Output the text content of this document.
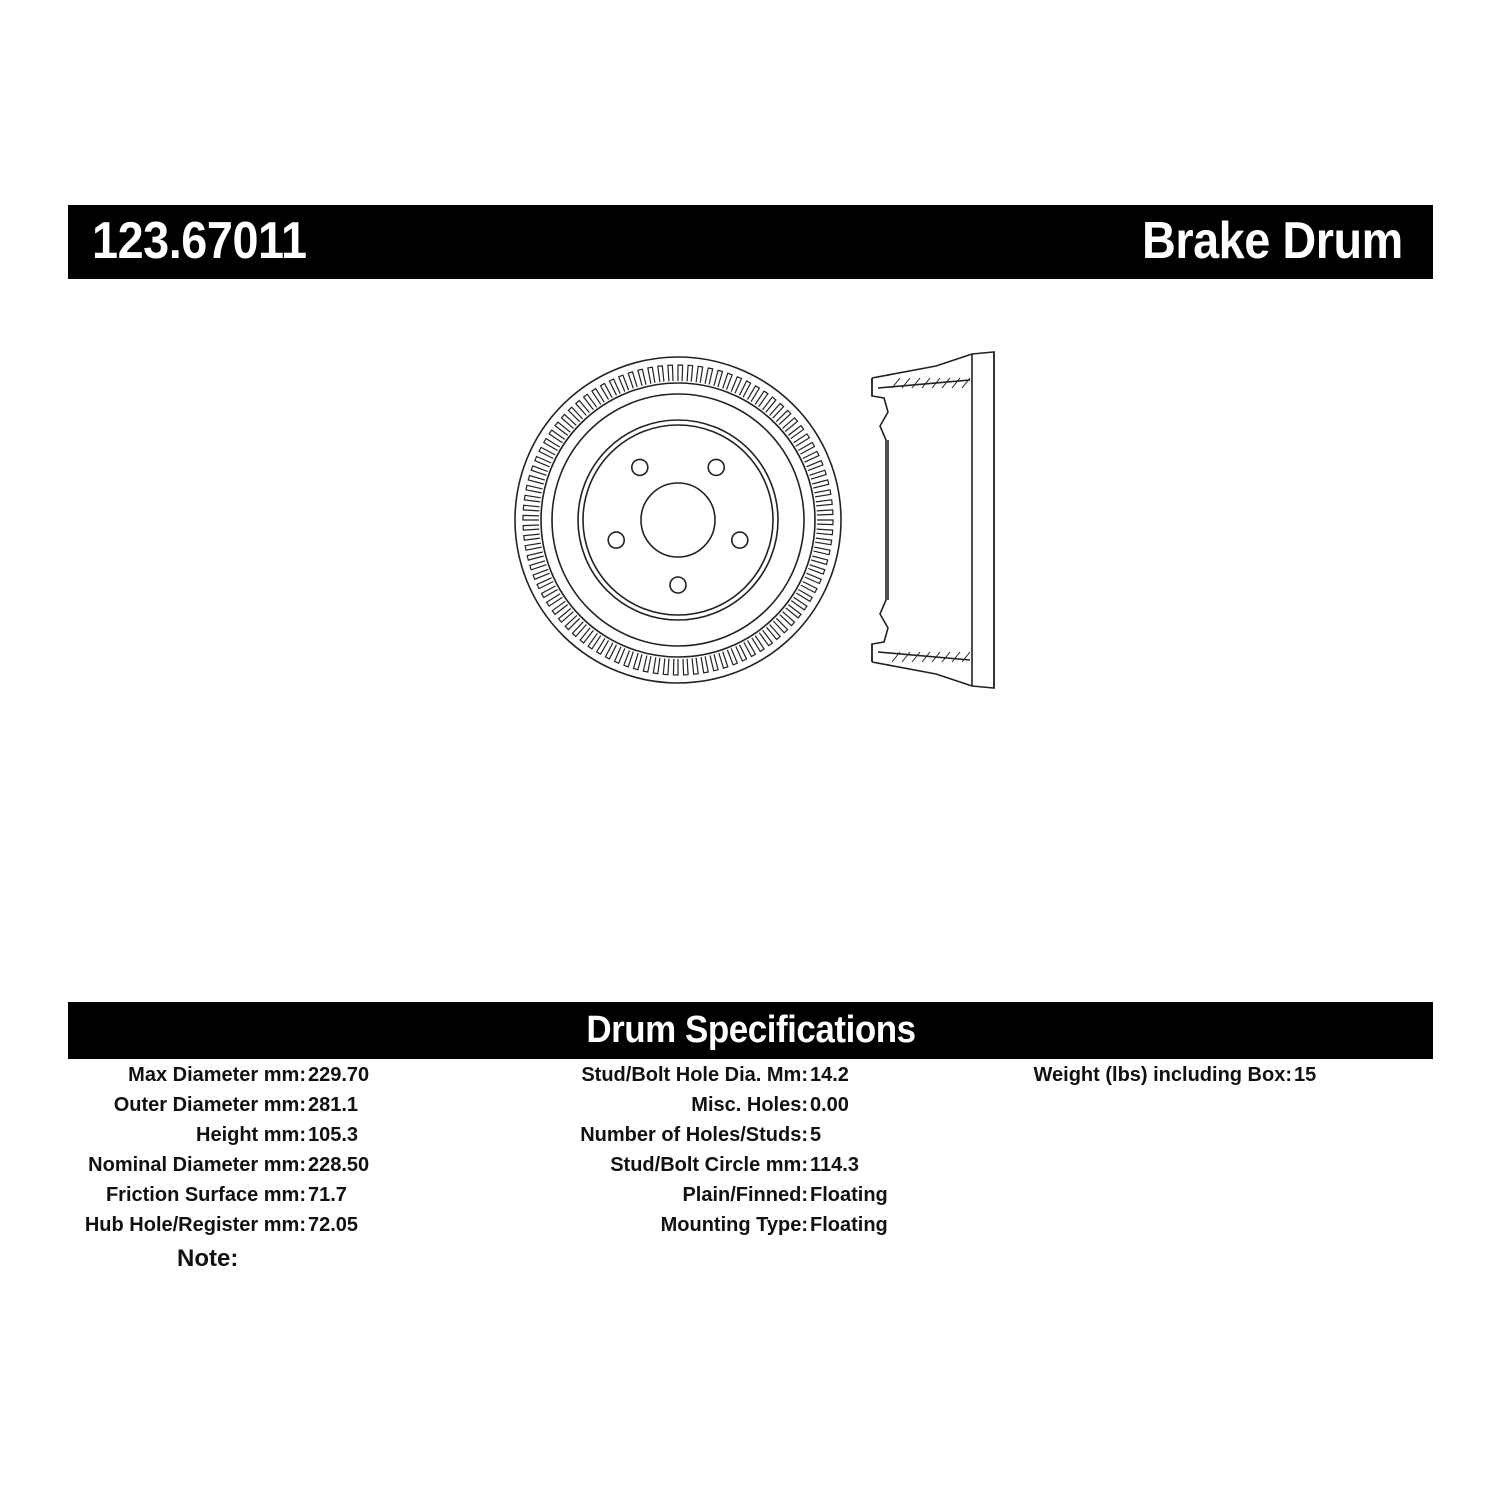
123.67011	Brake Drum
Drum Specifications
Max Diameter mm: 229.70
Outer Diameter mm: 281.1
Height mm: 105.3
Nominal Diameter mm: 228.50
Friction Surface mm: 71.7
Hub Hole/Register mm: 72.05
Stud/Bolt Hole Dia. Mm: 14.2
Misc. Holes: 0.00
Number of Holes/Studs: 5
Stud/Bolt Circle mm: 114.3
Plain/Finned: Floating
Mounting Type: Floating
Weight (lbs) including Box: 15
Note:
